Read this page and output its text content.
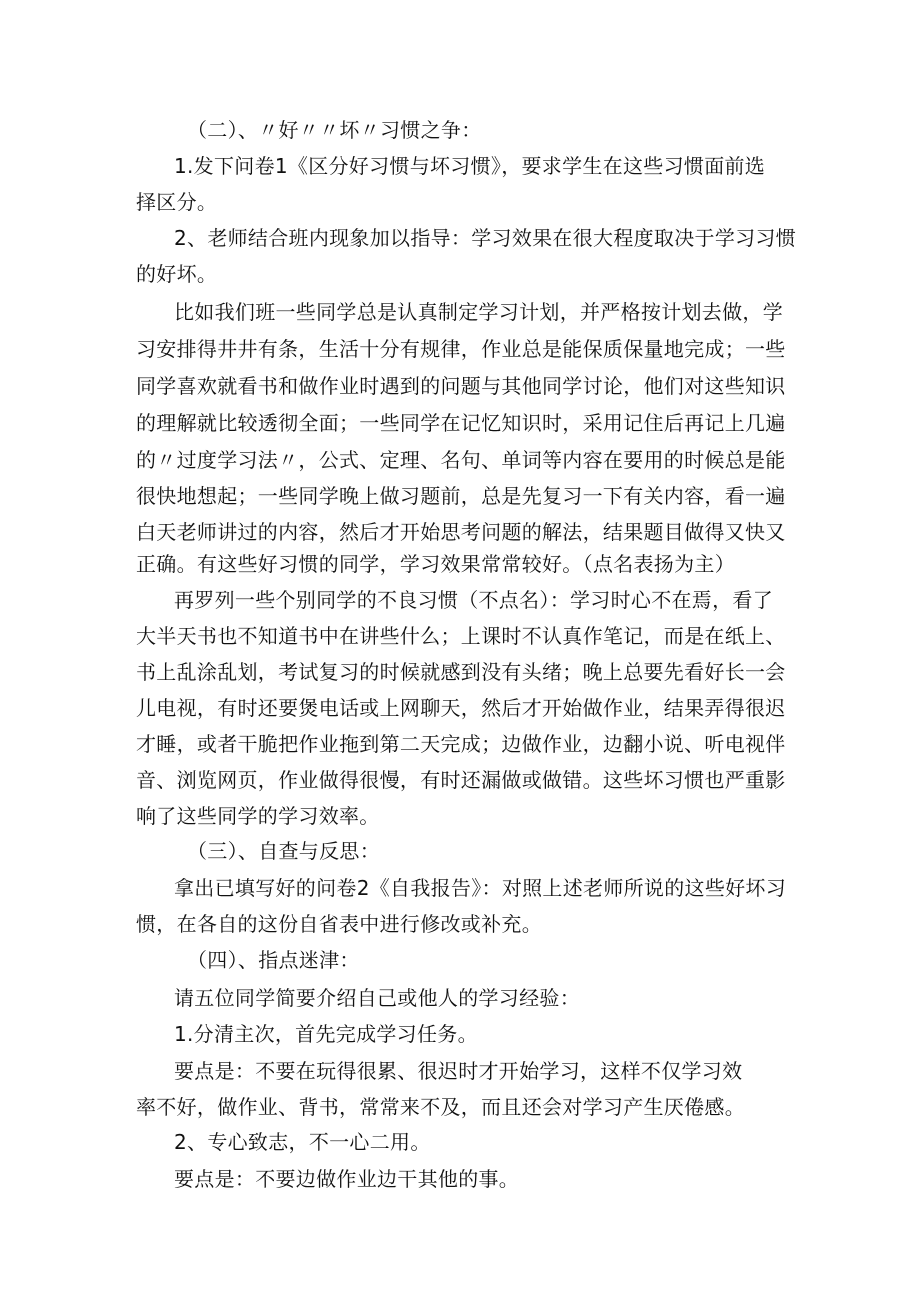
（二）、〃好〃〃坏〃习惯之争：
1.发下问卷1《区分好习惯与坏习惯》，要求学生在这些习惯面前选
择区分。
2、老师结合班内现象加以指导：学习效果在很大程度取决于学习习惯
的好坏。
比如我们班一些同学总是认真制定学习计划，并严格按计划去做，学
习安排得井井有条，生活十分有规律，作业总是能保质保量地完成；一些
同学喜欢就看书和做作业时遇到的问题与其他同学讨论，他们对这些知识
的理解就比较透彻全面；一些同学在记忆知识时，采用记住后再记上几遍
的〃过度学习法〃，公式、定理、名句、单词等内容在要用的时候总是能
很快地想起；一些同学晚上做习题前，总是先复习一下有关内容，看一遍
白天老师讲过的内容，然后才开始思考问题的解法，结果题目做得又快又
正确。有这些好习惯的同学，学习效果常常较好。（点名表扬为主）
再罗列一些个别同学的不良习惯（不点名）：学习时心不在焉，看了
大半天书也不知道书中在讲些什么；上课时不认真作笔记，而是在纸上、
书上乱涂乱划，考试复习的时候就感到没有头绪；晚上总要先看好长一会
儿电视，有时还要煲电话或上网聊天，然后才开始做作业，结果弄得很迟
才睡，或者干脆把作业拖到第二天完成；边做作业，边翻小说、听电视伴
音、浏览网页，作业做得很慢，有时还漏做或做错。这些坏习惯也严重影
响了这些同学的学习效率。
（三）、自查与反思：
拿出已填写好的问卷2《自我报告》：对照上述老师所说的这些好坏习
惯，在各自的这份自省表中进行修改或补充。
（四）、指点迷津：
请五位同学简要介绍自己或他人的学习经验：
1.分清主次，首先完成学习任务。
要点是：不要在玩得很累、很迟时才开始学习，这样不仅学习效
率不好，做作业、背书，常常来不及，而且还会对学习产生厌倦感。
2、专心致志，不一心二用。
要点是：不要边做作业边干其他的事。
